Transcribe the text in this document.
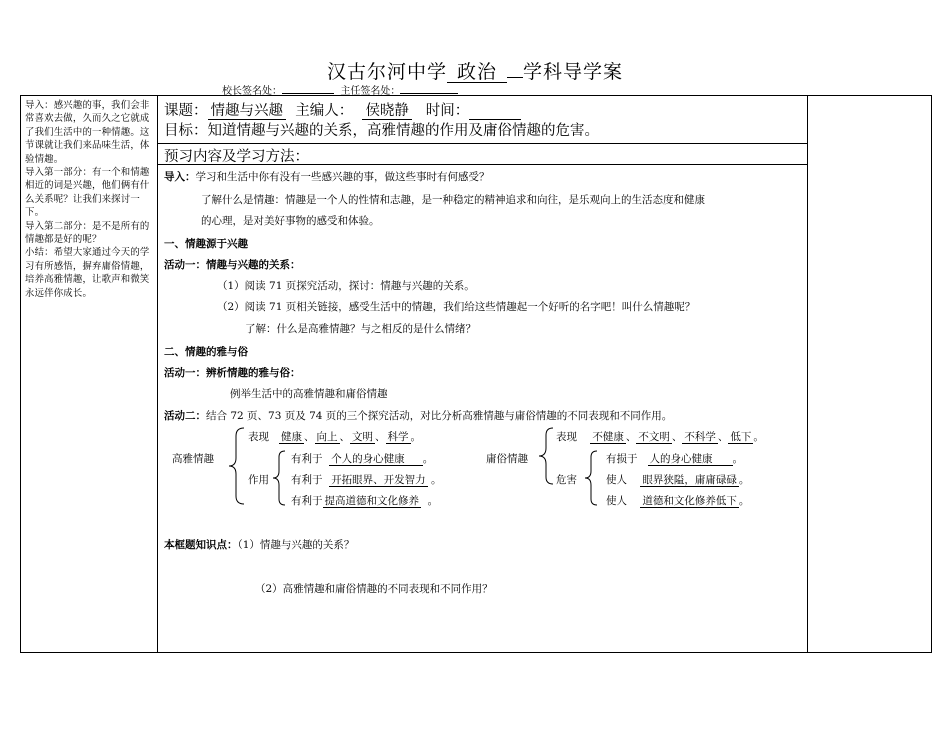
汉古尔河中学 政治 学科导学案
校长签名处：	主任签名处：

导入：感兴趣的事，我们会非常喜欢去做，久而久之它就成了我们生活中的一种情趣。这节课就让我们来品味生活，体验情趣。

导入第一部分：有一个和情趣相近的词是兴趣，他们俩有什么关系呢？让我们来探讨一下。

导入第二部分：是不是所有的情趣都是好的呢？

小结：希望大家通过今天的学习有所感悟，摒弃庸俗情趣，培养高雅情趣，让歌声和微笑永远伴你成长。

课题： 情趣与兴趣 主编人： 侯晓静 时间：
目标：知道情趣与兴趣的关系，高雅情趣的作用及庸俗情趣的危害。
预习内容及学习方法：
导入：学习和生活中你有没有一些感兴趣的事，做这些事时有何感受？
了解什么是情趣：情趣是一个人的性情和志趣，是一种稳定的精神追求和向往，是乐观向上的生活态度和健康
的心理，是对美好事物的感受和体验。
一、情趣源于兴趣
活动一：情趣与兴趣的关系：
（1）阅读 71 页探究活动，探讨：情趣与兴趣的关系。
（2）阅读 71 页相关链接，感受生活中的情趣，我们给这些情趣起一个好听的名字吧！叫什么情趣呢？
了解：什么是高雅情趣？与之相反的是什么情绪？
二、情趣的雅与俗
活动一：辨析情趣的雅与俗：
例举生活中的高雅情趣和庸俗情趣
活动二：结合 72 页、73 页及 74 页的三个探究活动，对比分析高雅情趣与庸俗情趣的不同表现和不同作用。
高雅情趣
表现 健康 、 向上 、 文明 、 科学 。
作用
有利于 个人的身心健康 。
有利于 开拓眼界、开发智力 。
有利于 提高道德和文化修养  。
庸俗情趣
表现 不健康 、 不文明 、 不科学 、 低下 。
危害
有损于 人的身心健康 。
使人 眼界狭隘，庸庸碌碌 。
使人 道德和文化修养低下 。
本框题知识点：（1）情趣与兴趣的关系？
（2）高雅情趣和庸俗情趣的不同表现和不同作用？
